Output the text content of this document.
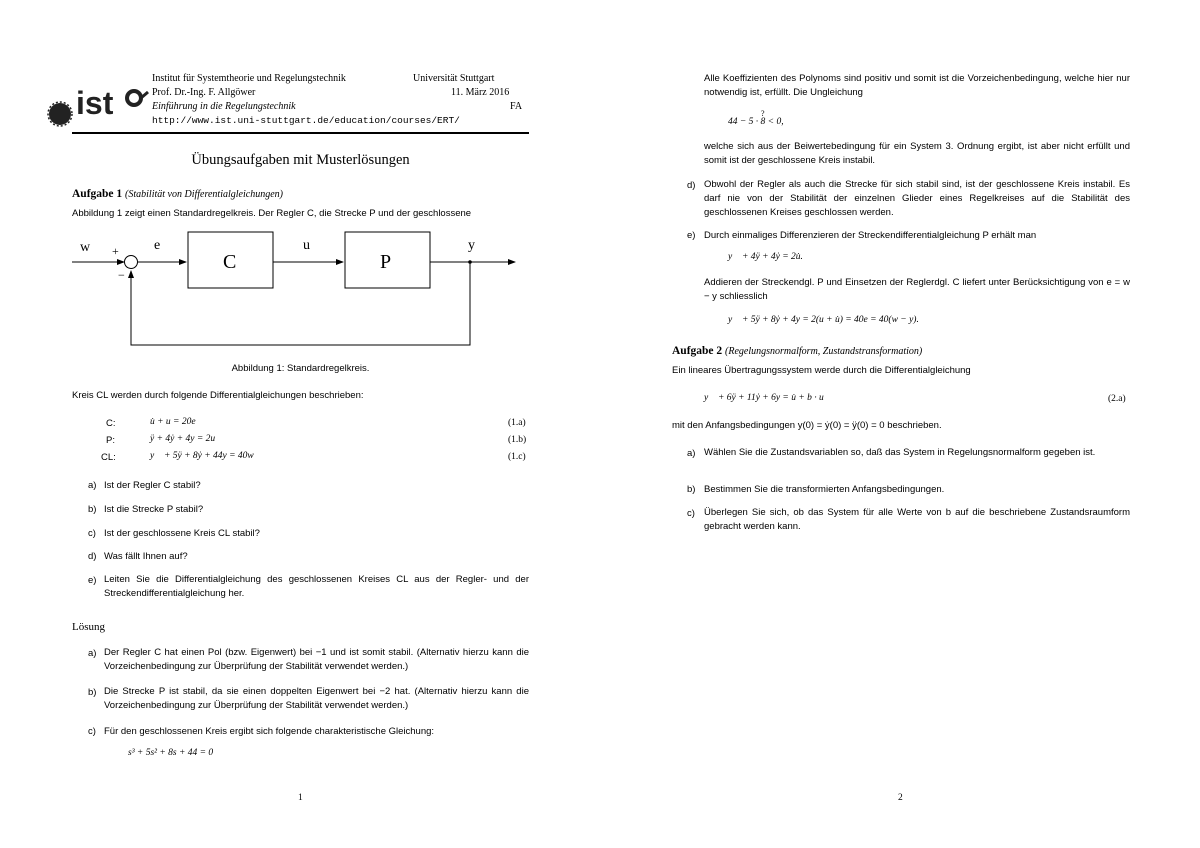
ist
Institut für Systemtheorie und Regelungstechnik	Universität Stuttgart
Prof. Dr.-Ing. F. Allgöwer	11. März 2016
Einführung in die Regelungstechnik	FA
http://www.ist.uni-stuttgart.de/education/courses/ERT/
Übungsaufgaben mit Musterlösungen
Aufgabe 1 (Stabilität von Differentialgleichungen)
Abbildung 1 zeigt einen Standardregelkreis. Der Regler C, die Strecke P und der geschlossene
w +
−
e
C
u
P
y
Abbildung 1: Standardregelkreis.
Kreis CL werden durch folgende Differentialgleichungen beschrieben:
C:	u̇ + u = 20e	(1.a)
P:	ÿ + 4ẏ + 4y = 2u	(1.b)
CL:	y⃛ + 5ÿ + 8ẏ + 44y = 40w	(1.c)
a) Ist der Regler C stabil?
b) Ist die Strecke P stabil?
c) Ist der geschlossene Kreis CL stabil?
d) Was fällt Ihnen auf?
e) Leiten Sie die Differentialgleichung des geschlossenen Kreises CL aus der Regler- und der Streckendifferentialgleichung her.
Lösung
a) Der Regler C hat einen Pol (bzw. Eigenwert) bei −1 und ist somit stabil. (Alternativ hierzu kann die Vorzeichenbedingung zur Überprüfung der Stabilität verwendet werden.)
b) Die Strecke P ist stabil, da sie einen doppelten Eigenwert bei −2 hat. (Alternativ hierzu kann die Vorzeichenbedingung zur Überprüfung der Stabilität verwendet werden.)
c) Für den geschlossenen Kreis ergibt sich folgende charakteristische Gleichung:
s³ + 5s² + 8s + 44 = 0
1
Alle Koeffizienten des Polynoms sind positiv und somit ist die Vorzeichenbedingung, welche hier nur notwendig ist, erfüllt. Die Ungleichung
?
44 − 5 · 8 < 0,
welche sich aus der Beiwertebedingung für ein System 3. Ordnung ergibt, ist aber nicht erfüllt und somit ist der geschlossene Kreis instabil.
d) Obwohl der Regler als auch die Strecke für sich stabil sind, ist der geschlossene Kreis instabil. Es darf nie von der Stabilität der einzelnen Glieder eines Regelkreises auf die Stabilität des geschlossenen Kreises geschlossen werden.
e) Durch einmaliges Differenzieren der Streckendifferentialgleichung P erhält man
y⃛ + 4ÿ + 4ẏ = 2u̇.
Addieren der Streckendgl. P und Einsetzen der Reglerdgl. C liefert unter Berücksichtigung von e = w − y schliesslich
y⃛ + 5ÿ + 8ẏ + 4y = 2(u + u̇) = 40e = 40(w − y).
Aufgabe 2 (Regelungsnormalform, Zustandstransformation)
Ein lineares Übertragungssystem werde durch die Differentialgleichung
y⃛ + 6ÿ + 11ẏ + 6y = u̇ + b · u	(2.a)
mit den Anfangsbedingungen y(0) = ẏ(0) = ÿ(0) = 0 beschrieben.
a) Wählen Sie die Zustandsvariablen so, daß das System in Regelungsnormalform gegeben ist.
b) Bestimmen Sie die transformierten Anfangsbedingungen.
c) Überlegen Sie sich, ob das System für alle Werte von b auf die beschriebene Zustandsraumform gebracht werden kann.
2
